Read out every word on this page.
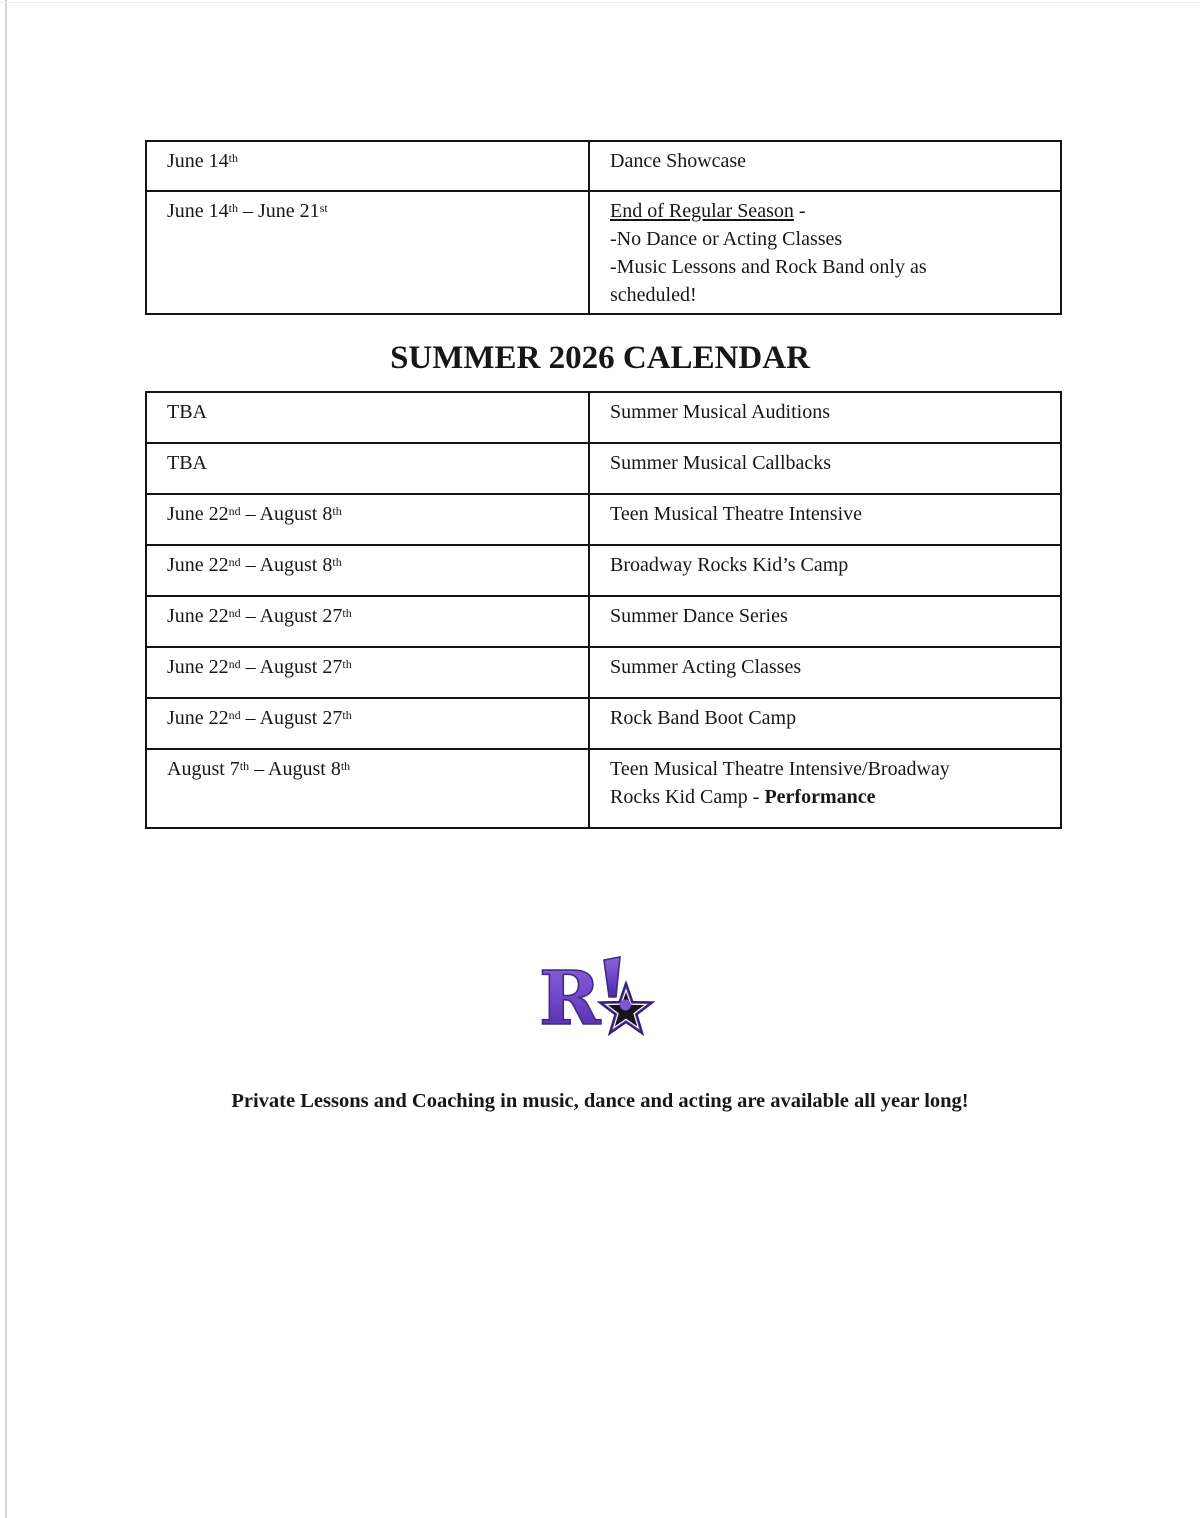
June 14th	Dance Showcase
June 14th – June 21st	End of Regular Season -
-No Dance or Acting Classes
-Music Lessons and Rock Band only as
scheduled!
SUMMER 2026 CALENDAR
TBA	Summer Musical Auditions
TBA	Summer Musical Callbacks
June 22nd – August 8th	Teen Musical Theatre Intensive
June 22nd – August 8th	Broadway Rocks Kid’s Camp
June 22nd – August 27th	Summer Dance Series
June 22nd – August 27th	Summer Acting Classes
June 22nd – August 27th	Rock Band Boot Camp
August 7th – August 8th	Teen Musical Theatre Intensive/Broadway
Rocks Kid Camp - Performance
R
Private Lessons and Coaching in music, dance and acting are available all year long!
